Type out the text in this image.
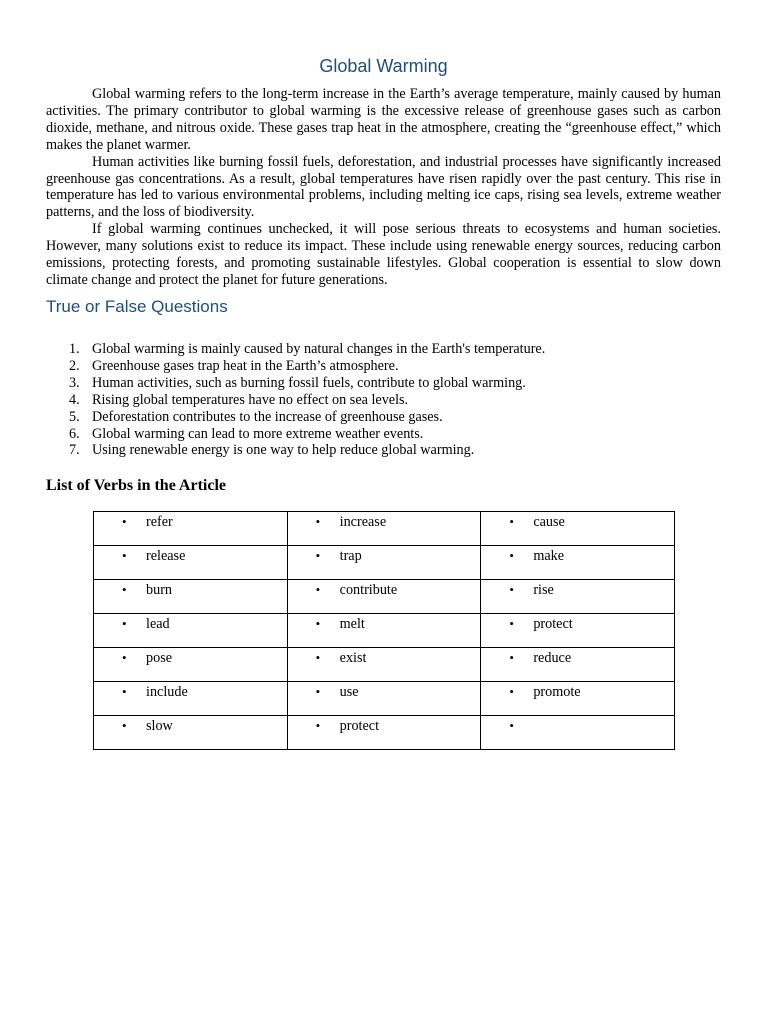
Global Warming

Global warming refers to the long-term increase in the Earth’s average temperature, mainly caused by human activities. The primary contributor to global warming is the excessive release of greenhouse gases such as carbon dioxide, methane, and nitrous oxide. These gases trap heat in the atmosphere, creating the “greenhouse effect,” which makes the planet warmer.

Human activities like burning fossil fuels, deforestation, and industrial processes have significantly increased greenhouse gas concentrations. As a result, global temperatures have risen rapidly over the past century. This rise in temperature has led to various environmental problems, including melting ice caps, rising sea levels, extreme weather patterns, and the loss of biodiversity.

If global warming continues unchecked, it will pose serious threats to ecosystems and human societies. However, many solutions exist to reduce its impact. These include using renewable energy sources, reducing carbon emissions, protecting forests, and promoting sustainable lifestyles. Global cooperation is essential to slow down climate change and protect the planet for future generations.

True or False Questions
1. Global warming is mainly caused by natural changes in the Earth's temperature.
2. Greenhouse gases trap heat in the Earth’s atmosphere.
3. Human activities, such as burning fossil fuels, contribute to global warming.
4. Rising global temperatures have no effect on sea levels.
5. Deforestation contributes to the increase of greenhouse gases.
6. Global warming can lead to more extreme weather events.
7. Using renewable energy is one way to help reduce global warming.
List of Verbs in the Article
• refer	• increase	• cause

• release	• trap	• make

• burn	• contribute	• rise

• lead	• melt	• protect

• pose	• exist	• reduce

• include	• use	• promote

• slow	• protect	•
